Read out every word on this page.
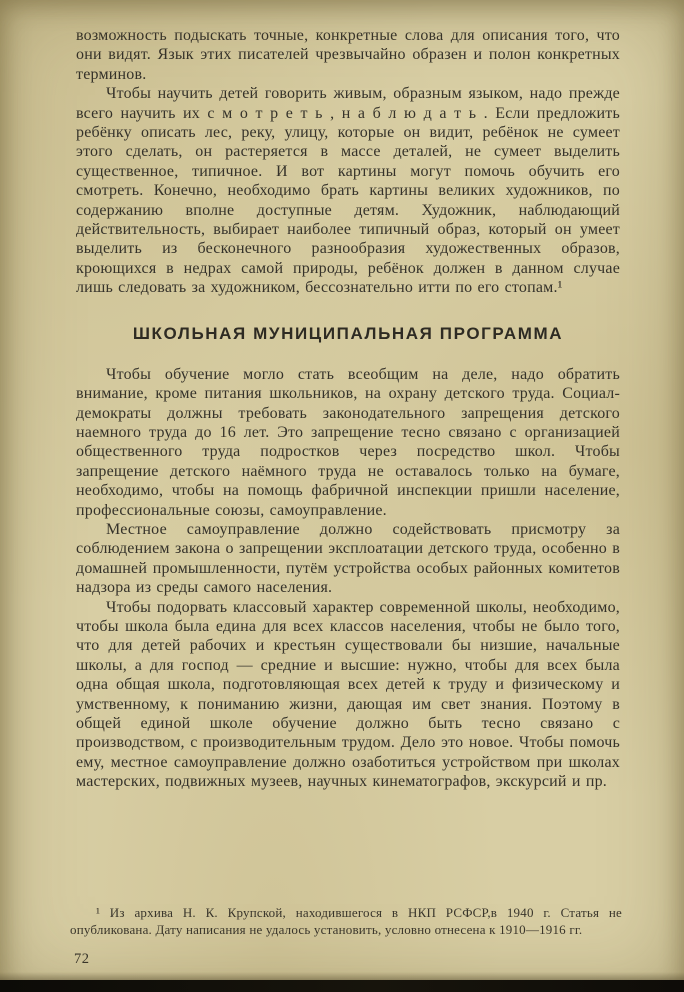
возможность подыскать точные, конкретные слова для описания того, что они видят. Язык этих писателей чрезвычайно образен и полон конкретных терминов.

Чтобы научить детей говорить живым, образным языком, надо прежде всего научить их с м о т р е т ь , н а б л ю д а т ь . Если предложить ребёнку описать лес, реку, улицу, которые он видит, ребёнок не сумеет этого сделать, он растеряется в массе деталей, не сумеет выделить существенное, типичное. И вот картины могут помочь обучить его смотреть. Конечно, необходимо брать картины великих художников, по содержанию вполне доступные детям. Художник, наблюдающий действительность, выбирает наиболее типичный образ, который он умеет выделить из бесконечного разнообразия художественных образов, кроющихся в недрах самой природы, ребёнок должен в данном случае лишь следовать за художником, бессознательно итти по его стопам.¹

ШКОЛЬНАЯ МУНИЦИПАЛЬНАЯ ПРОГРАММА

Чтобы обучение могло стать всеобщим на деле, надо обратить внимание, кроме питания школьников, на охрану детского труда. Социал-демократы должны требовать законодательного запрещения детского наемного труда до 16 лет. Это запрещение тесно связано с организацией общественного труда подростков через посредство школ. Чтобы запрещение детского наёмного труда не оставалось только на бумаге, необходимо, чтобы на помощь фабричной инспекции пришли население, профессиональные союзы, самоуправление.

Местное самоуправление должно содействовать присмотру за соблюдением закона о запрещении эксплоатации детского труда, особенно в домашней промышленности, путём устройства особых районных комитетов надзора из среды самого населения.

Чтобы подорвать классовый характер современной школы, необходимо, чтобы школа была едина для всех классов населения, чтобы не было того, что для детей рабочих и крестьян существовали бы низшие, начальные школы, а для господ — средние и высшие: нужно, чтобы для всех была одна общая школа, подготовляющая всех детей к труду и физическому и умственному, к пониманию жизни, дающая им свет знания. Поэтому в общей единой школе обучение должно быть тесно связано с производством, с производительным трудом. Дело это новое. Чтобы помочь ему, местное самоуправление должно озаботиться устройством при школах мастерских, подвижных музеев, научных кинематографов, экскурсий и пр.

¹ Из архива Н. К. Крупской, находившегося в НКП РСФСР,в 1940 г. Статья не опубликована. Дату написания не удалось установить, условно отнесена к 1910—1916 гг.
72
